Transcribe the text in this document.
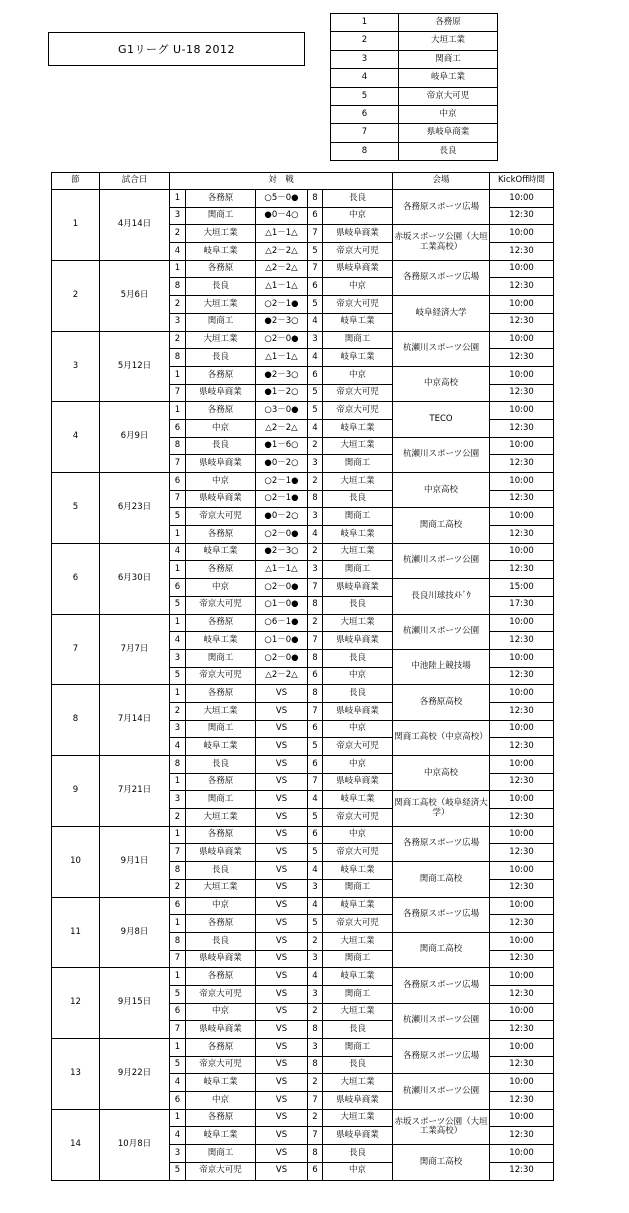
G1リーグ U-18 2012
1	各務原
2	大垣工業
3	関商工
4	岐阜工業
5	帝京大可児
6	中京
7	県岐阜商業
8	長良
節	試合日	対　戦					会場	KickOff時間
1	4月14日	1	各務原	○5－0●	8	長良	各務原スポーツ広場	10:00
		3	関商工	●0－4○	6	中京		12:30
		2	大垣工業	△1－1△	7	県岐阜商業	赤坂スポーツ公園（大垣工業高校）	10:00
		4	岐阜工業	△2－2△	5	帝京大可児		12:30
2	5月6日	1	各務原	△2－2△	7	県岐阜商業	各務原スポーツ広場	10:00
		8	長良	△1－1△	6	中京		12:30
		2	大垣工業	○2－1●	5	帝京大可児	岐阜経済大学	10:00
		3	関商工	●2－3○	4	岐阜工業		12:30
3	5月12日	2	大垣工業	○2－0●	3	関商工	杭瀬川スポーツ公園	10:00
		8	長良	△1－1△	4	岐阜工業		12:30
		1	各務原	●2－3○	6	中京	中京高校	10:00
		7	県岐阜商業	●1－2○	5	帝京大可児		12:30
4	6月9日	1	各務原	○3－0●	5	帝京大可児	TECO	10:00
		6	中京	△2－2△	4	岐阜工業		12:30
		8	長良	●1－6○	2	大垣工業	杭瀬川スポーツ公園	10:00
		7	県岐阜商業	●0－2○	3	関商工		12:30
5	6月23日	6	中京	○2－1●	2	大垣工業	中京高校	10:00
		7	県岐阜商業	○2－1●	8	長良		12:30
		5	帝京大可児	●0－2○	3	関商工	関商工高校	10:00
		1	各務原	○2－0●	4	岐阜工業		12:30
6	6月30日	4	岐阜工業	●2－3○	2	大垣工業	杭瀬川スポーツ公園	10:00
		1	各務原	△1－1△	3	関商工		12:30
		6	中京	○2－0●	7	県岐阜商業	長良川球技ﾒﾄﾞｳ	15:00
		5	帝京大可児	○1－0●	8	長良		17:30
7	7月7日	1	各務原	○6－1●	2	大垣工業	杭瀬川スポーツ公園	10:00
		4	岐阜工業	○1－0●	7	県岐阜商業		12:30
		3	関商工	○2－0●	8	長良	中池陸上競技場	10:00
		5	帝京大可児	△2－2△	6	中京		12:30
8	7月14日	1	各務原	VS	8	長良	各務原高校	10:00
		2	大垣工業	VS	7	県岐阜商業		12:30
		3	関商工	VS	6	中京	関商工高校（中京高校）	10:00
		4	岐阜工業	VS	5	帝京大可児		12:30
9	7月21日	8	長良	VS	6	中京	中京高校	10:00
		1	各務原	VS	7	県岐阜商業		12:30
		3	関商工	VS	4	岐阜工業	関商工高校（岐阜経済大学）	10:00
		2	大垣工業	VS	5	帝京大可児		12:30
10	9月1日	1	各務原	VS	6	中京	各務原スポーツ広場	10:00
		7	県岐阜商業	VS	5	帝京大可児		12:30
		8	長良	VS	4	岐阜工業	関商工高校	10:00
		2	大垣工業	VS	3	関商工		12:30
11	9月8日	6	中京	VS	4	岐阜工業	各務原スポーツ広場	10:00
		1	各務原	VS	5	帝京大可児		12:30
		8	長良	VS	2	大垣工業	関商工高校	10:00
		7	県岐阜商業	VS	3	関商工		12:30
12	9月15日	1	各務原	VS	4	岐阜工業	各務原スポーツ広場	10:00
		5	帝京大可児	VS	3	関商工		12:30
		6	中京	VS	2	大垣工業	杭瀬川スポーツ公園	10:00
		7	県岐阜商業	VS	8	長良		12:30
13	9月22日	1	各務原	VS	3	関商工	各務原スポーツ広場	10:00
		5	帝京大可児	VS	8	長良		12:30
		4	岐阜工業	VS	2	大垣工業	杭瀬川スポーツ公園	10:00
		6	中京	VS	7	県岐阜商業		12:30
14	10月8日	1	各務原	VS	2	大垣工業	赤坂スポーツ公園（大垣工業高校）	10:00
		4	岐阜工業	VS	7	県岐阜商業		12:30
		3	関商工	VS	8	長良	関商工高校	10:00
		5	帝京大可児	VS	6	中京		12:30
